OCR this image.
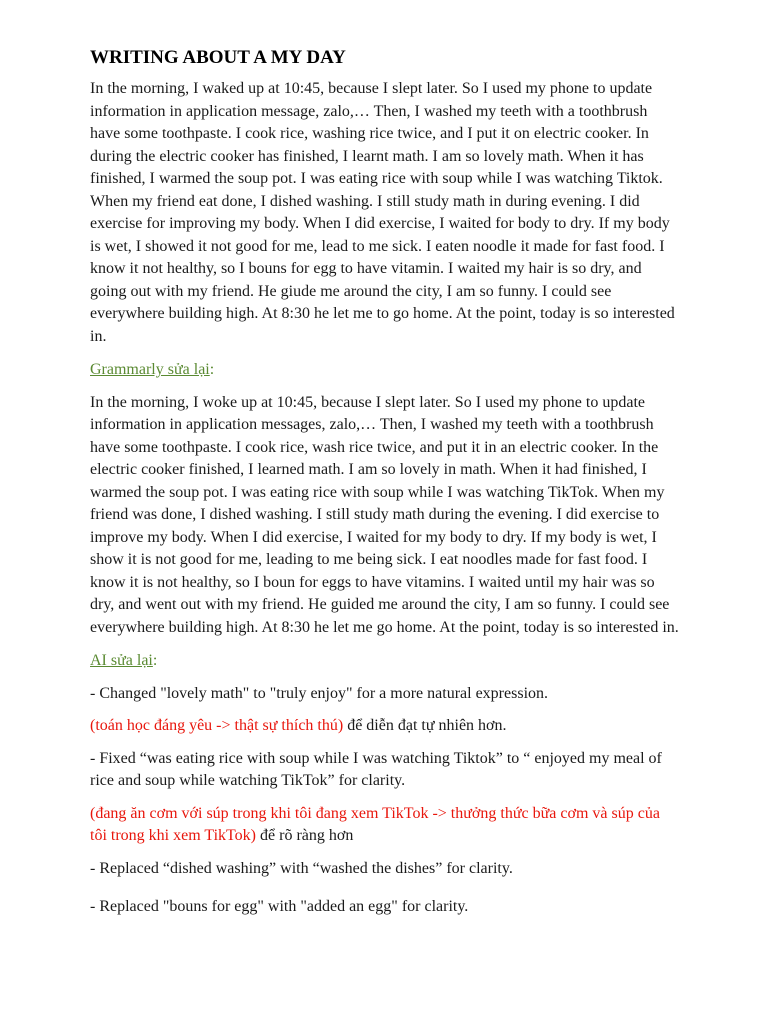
WRITING ABOUT A MY DAY

In the morning, I waked up at 10:45, because I slept later. So I used my phone to update information in application message, zalo,… Then, I washed my teeth with a toothbrush have some toothpaste. I cook rice, washing rice twice, and I put it on electric cooker. In during the electric cooker has finished, I learnt math. I am so lovely math. When it has finished, I warmed the soup pot. I was eating rice with soup while I was watching Tiktok. When my friend eat done, I dished washing. I still study math in during evening. I did exercise for improving my body. When I did exercise, I waited for body to dry. If my body is wet, I showed it not good for me, lead to me sick. I eaten noodle it made for fast food. I know it not healthy, so I bouns for egg to have vitamin. I waited my hair is so dry, and going out with my friend. He giude me around the city, I am so funny. I could see everywhere building high. At 8:30 he let me to go home. At the point, today is so interested in.

Grammarly sửa lại:

In the morning, I woke up at 10:45, because I slept later. So I used my phone to update information in application messages, zalo,… Then, I washed my teeth with a toothbrush have some toothpaste. I cook rice, wash rice twice, and put it in an electric cooker. In the electric cooker finished, I learned math. I am so lovely in math. When it had finished, I warmed the soup pot. I was eating rice with soup while I was watching TikTok. When my friend was done, I dished washing. I still study math during the evening. I did exercise to improve my body. When I did exercise, I waited for my body to dry. If my body is wet, I show it is not good for me, leading to me being sick. I eat noodles made for fast food. I know it is not healthy, so I boun for eggs to have vitamins. I waited until my hair was so dry, and went out with my friend. He guided me around the city, I am so funny. I could see everywhere building high. At 8:30 he let me go home. At the point, today is so interested in.

AI sửa lại:

- Changed "lovely math" to "truly enjoy" for a more natural expression.

(toán học đáng yêu -> thật sự thích thú) để diễn đạt tự nhiên hơn.

- Fixed “was eating rice with soup while I was watching Tiktok” to “ enjoyed my meal of rice and soup while watching TikTok” for clarity.

(đang ăn cơm với súp trong khi tôi đang xem TikTok -> thưởng thức bữa cơm và súp của tôi trong khi xem TikTok) để rõ ràng hơn

- Replaced “dished washing” with “washed the dishes” for clarity.

- Replaced "bouns for egg" with "added an egg" for clarity.
